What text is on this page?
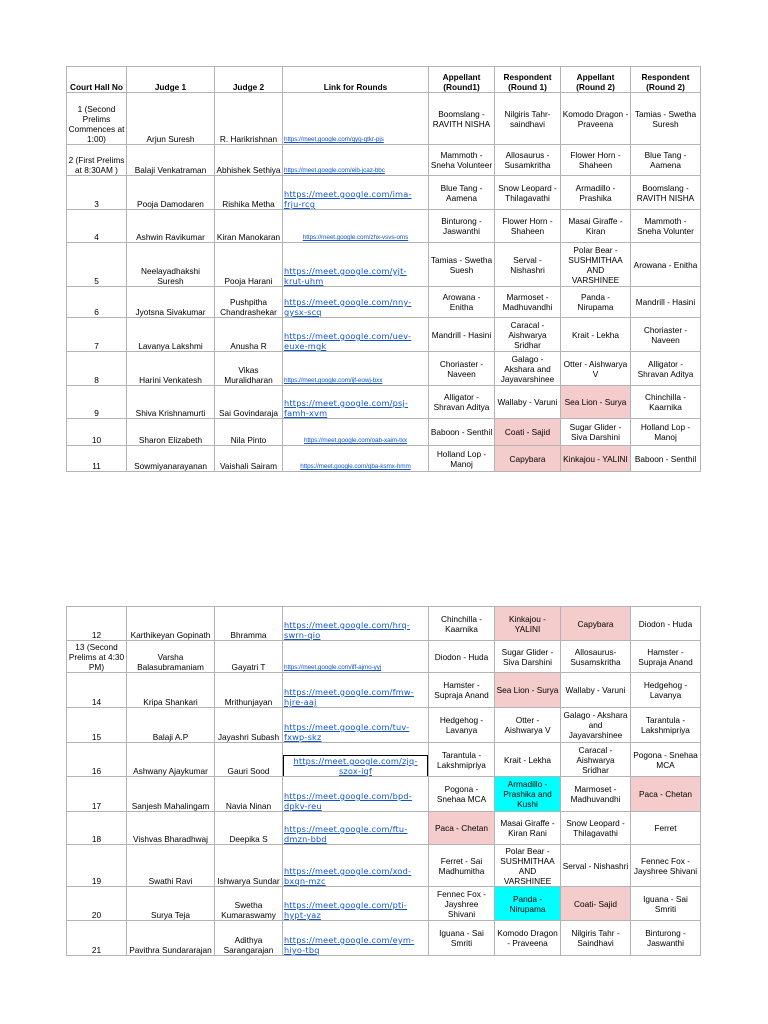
Court Hall No	Judge 1	Judge 2	Link for Rounds	Appellant (Round1)	Respondent (Round 1)	Appellant (Round 2)	Respondent (Round 2)
1 (Second Prelims Commences at 1:00)	Arjun Suresh	R. Harikrishnan	https://meet.google.com/qyg-qtkr-pjs	Boomslang - RAVITH NISHA	Nilgiris Tahr- saindhavi	Komodo Dragon - Praveena	Tamias - Swetha Suresh
2 (First Prelims at 8:30AM )	Balaji Venkatraman	Abhishek Sethiya	https://meet.google.com/eib-jcaz-bbc	Mammoth - Sneha Volunteer	Allosaurus - Susamkritha	Flower Horn - Shaheen	Blue Tang - Aamena
3	Pooja Damodaren	Rishika Metha	https://meet.google.com/ima-frju-rcg	Blue Tang - Aamena	Snow Leopard - Thilagavathi	Armadillo - Prashika	Boomslang - RAVITH NISHA
4	Ashwin Ravikumar	Kiran Manokaran	https://meet.google.com/zhx-vsvs-oms	Binturong - Jaswanthi	Flower Horn - Shaheen	Masai Giraffe - Kiran	Mammoth - Sneha Volunter
5	Neelayadhakshi Suresh	Pooja Harani	https://meet.google.com/yjt-krut-uhm	Tamias - Swetha Suesh	Serval - Nishashri	Polar Bear - SUSHMITHAA AND VARSHINEE	Arowana - Enitha
6	Jyotsna Sivakumar	Pushpitha Chandrashekar	https://meet.google.com/nny-gysx-scq	Arowana - Enitha	Marmoset - Madhuvandhi	Panda - Nirupama	Mandrill - Hasini
7	Lavanya Lakshmi	Anusha R	https://meet.google.com/uev-euxe-mgk	Mandrill - Hasini	Caracal - Aishwarya Sridhar	Krait - Lekha	Choriaster - Naveen
8	Harini Venkatesh	Vikas Muralidharan	https://meet.google.com/ijf-eowj-bxx	Choriaster - Naveen	Galago - Akshara and Jayavarshinee	Otter - Aishwarya V	Alligator - Shravan Aditya
9	Shiva Krishnamurti	Sai Govindaraja	https://meet.google.com/psj-famh-xvm	Alligator - Shravan Aditya	Wallaby - Varuni	Sea Lion - Surya	Chinchilla - Kaarnika
10	Sharon Elizabeth	Nila Pinto	https://meet.google.com/oab-xaim-txx	Baboon - Senthil	Coati - Sajid	Sugar Glider - Siva Darshini	Holland Lop - Manoj
11	Sowmiyanarayanan	Vaishali Sairam	https://meet.google.com/qba-ksmx-hmm	Holland Lop - Manoj	Capybara	Kinkajou - YALINI	Baboon - Senthil
12	Karthikeyan Gopinath	Bhramma	https://meet.google.com/hrq-swrn-qio	Chinchilla - Kaarnika	Kinkajou - YALINI	Capybara	Diodon - Huda
13 (Second Prelims at 4:30 PM)	Varsha Balasubramaniam	Gayatri T	https://meet.google.com/iff-ajmo-yyj	Diodon - Huda	Sugar Glider - Siva Darshini	Allosaurus- Susamskritha	Hamster - Supraja Anand
14	Kripa Shankari	Mrithunjayan	https://meet.google.com/fmw-hjre-aaj	Hamster - Supraja Anand	Sea Lion - Surya	Wallaby - Varuni	Hedgehog - Lavanya
15	Balaji A.P	Jayashri Subash	https://meet.google.com/tuv-fxwp-skz	Hedgehog - Lavanya	Otter - Aishwarya V	Galago - Akshara and Jayavarshinee	Tarantula - Lakshmipriya
16	Ashwany Ajaykumar	Gauri Sood	https://meet.google.com/zjq-szox-iqf	Tarantula - Lakshmipriya	Krait - Lekha	Caracal - Aishwarya Sridhar	Pogona - Snehaa MCA
17	Sanjesh Mahalingam	Navia Ninan	https://meet.google.com/bpd-dpkv-reu	Pogona - Snehaa MCA	Armadillo - Prashika and Kushi	Marmoset - Madhuvandhi	Paca - Chetan
18	Vishvas Bharadhwaj	Deepika S	https://meet.google.com/ftu-dmzn-bbd	Paca - Chetan	Masai Giraffe - Kiran Rani	Snow Leopard - Thilagavathi	Ferret
19	Swathi Ravi	Ishwarya Sundar	https://meet.google.com/xod-bxqn-mzc	Ferret - Sai Madhumitha	Polar Bear - SUSHMITHAA AND VARSHINEE	Serval - Nishashri	Fennec Fox - Jayshree Shivani
20	Surya Teja	Swetha Kumaraswamy	https://meet.google.com/pti-hypt-yaz	Fennec Fox - Jayshree Shivani	Panda - Nirupama	Coati- Sajid	Iguana - Sai Smriti
21	Pavithra Sundararajan	Adithya Sarangarajan	https://meet.google.com/eym-hiyo-tbq	Iguana - Sai Smriti	Komodo Dragon - Praveena	Nilgiris Tahr - Saindhavi	Binturong - Jaswanthi
